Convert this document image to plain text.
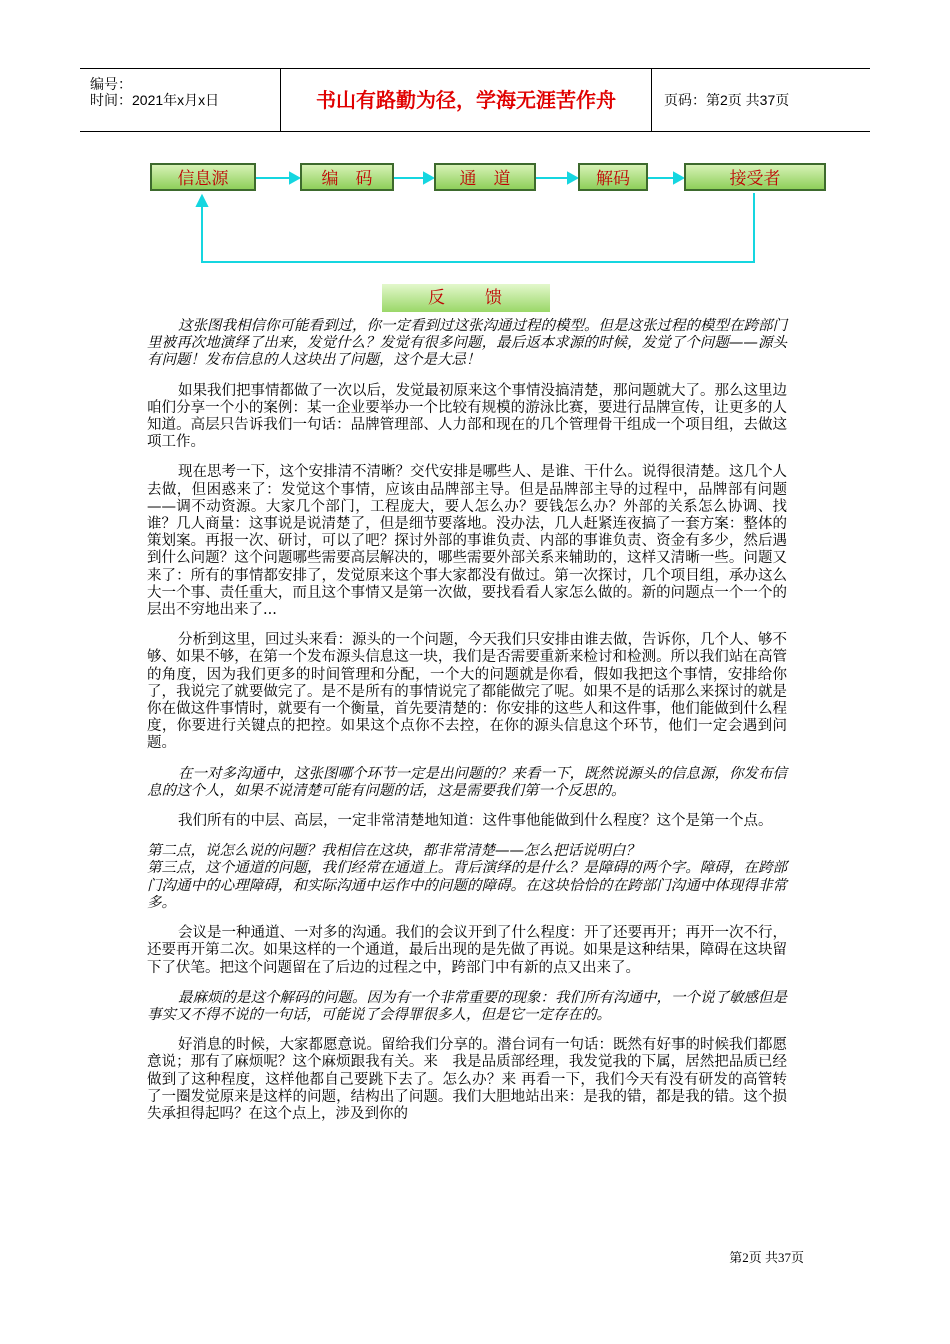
编号：
时间：2021年x月x日	书山有路勤为径，学海无涯苦作舟	页码：第2页 共37页
信息源	编　码	通　道	解码	接受者
反　　馈

这张图我相信你可能看到过，你一定看到过这张沟通过程的模型。但是这张过程的模型在跨部门里被再次地演绎了出来，发觉什么？发觉有很多问题，最后返本求源的时候，发觉了个问题——源头有问题！发布信息的人这块出了问题，这个是大忌！

如果我们把事情都做了一次以后，发觉最初原来这个事情没搞清楚，那问题就大了。那么这里边咱们分享一个小的案例：某一企业要举办一个比较有规模的游泳比赛，要进行品牌宣传，让更多的人知道。高层只告诉我们一句话：品牌管理部、人力部和现在的几个管理骨干组成一个项目组，去做这项工作。

现在思考一下，这个安排清不清晰？交代安排是哪些人、是谁、干什么。说得很清楚。这几个人去做，但困惑来了：发觉这个事情，应该由品牌部主导。但是品牌部主导的过程中，品牌部有问题——调不动资源。大家几个部门，工程庞大，要人怎么办？要钱怎么办？外部的关系怎么协调、找谁？几人商量：这事说是说清楚了，但是细节要落地。没办法，几人赶紧连夜搞了一套方案：整体的策划案。再报一次、研讨，可以了吧？探讨外部的事谁负责、内部的事谁负责、资金有多少，然后遇到什么问题？这个问题哪些需要高层解决的，哪些需要外部关系来辅助的，这样又清晰一些。问题又来了：所有的事情都安排了，发觉原来这个事大家都没有做过。第一次探讨，几个项目组，承办这么大一个事、责任重大，而且这个事情又是第一次做，要找看看人家怎么做的。新的问题点一个一个的层出不穷地出来了...

分析到这里，回过头来看：源头的一个问题，今天我们只安排由谁去做，告诉你，几个人、够不够、如果不够，在第一个发布源头信息这一块，我们是否需要重新来检讨和检测。所以我们站在高管的角度，因为我们更多的时间管理和分配，一个大的问题就是你看，假如我把这个事情，安排给你了，我说完了就要做完了。是不是所有的事情说完了都能做完了呢。如果不是的话那么来探讨的就是你在做这件事情时，就要有一个衡量，首先要清楚的：你安排的这些人和这件事，他们能做到什么程度，你要进行关键点的把控。如果这个点你不去控，在你的源头信息这个环节，他们一定会遇到问题。

在一对多沟通中，这张图哪个环节一定是出问题的？来看一下，既然说源头的信息源，你发布信息的这个人，如果不说清楚可能有问题的话，这是需要我们第一个反思的。

我们所有的中层、高层，一定非常清楚地知道：这件事他能做到什么程度？这个是第一个点。

第二点，说怎么说的问题？我相信在这块，都非常清楚——怎么把话说明白？

第三点，这个通道的问题，我们经常在通道上。背后演绎的是什么？是障碍的两个字。障碍，在跨部门沟通中的心理障碍，和实际沟通中运作中的问题的障碍。在这块恰恰的在跨部门沟通中体现得非常多。

会议是一种通道、一对多的沟通。我们的会议开到了什么程度：开了还要再开；再开一次不行，还要再开第二次。如果这样的一个通道，最后出现的是先做了再说。如果是这种结果，障碍在这块留下了伏笔。把这个问题留在了后边的过程之中，跨部门中有新的点又出来了。

最麻烦的是这个解码的问题。因为有一个非常重要的现象：我们所有沟通中，一个说了敏感但是事实又不得不说的一句话，可能说了会得罪很多人，但是它一定存在的。

好消息的时候，大家都愿意说。留给我们分享的。潜台词有一句话：既然有好事的时候我们都愿意说；那有了麻烦呢？这个麻烦跟我有关。来　我是品质部经理，我发觉我的下属，居然把品质已经做到了这种程度，这样他都自己要跳下去了。怎么办？来 再看一下，我们今天有没有研发的高管转了一圈发觉原来是这样的问题，结构出了问题。我们大胆地站出来：是我的错，都是我的错。这个损失承担得起吗？在这个点上，涉及到你的

第2页 共37页
